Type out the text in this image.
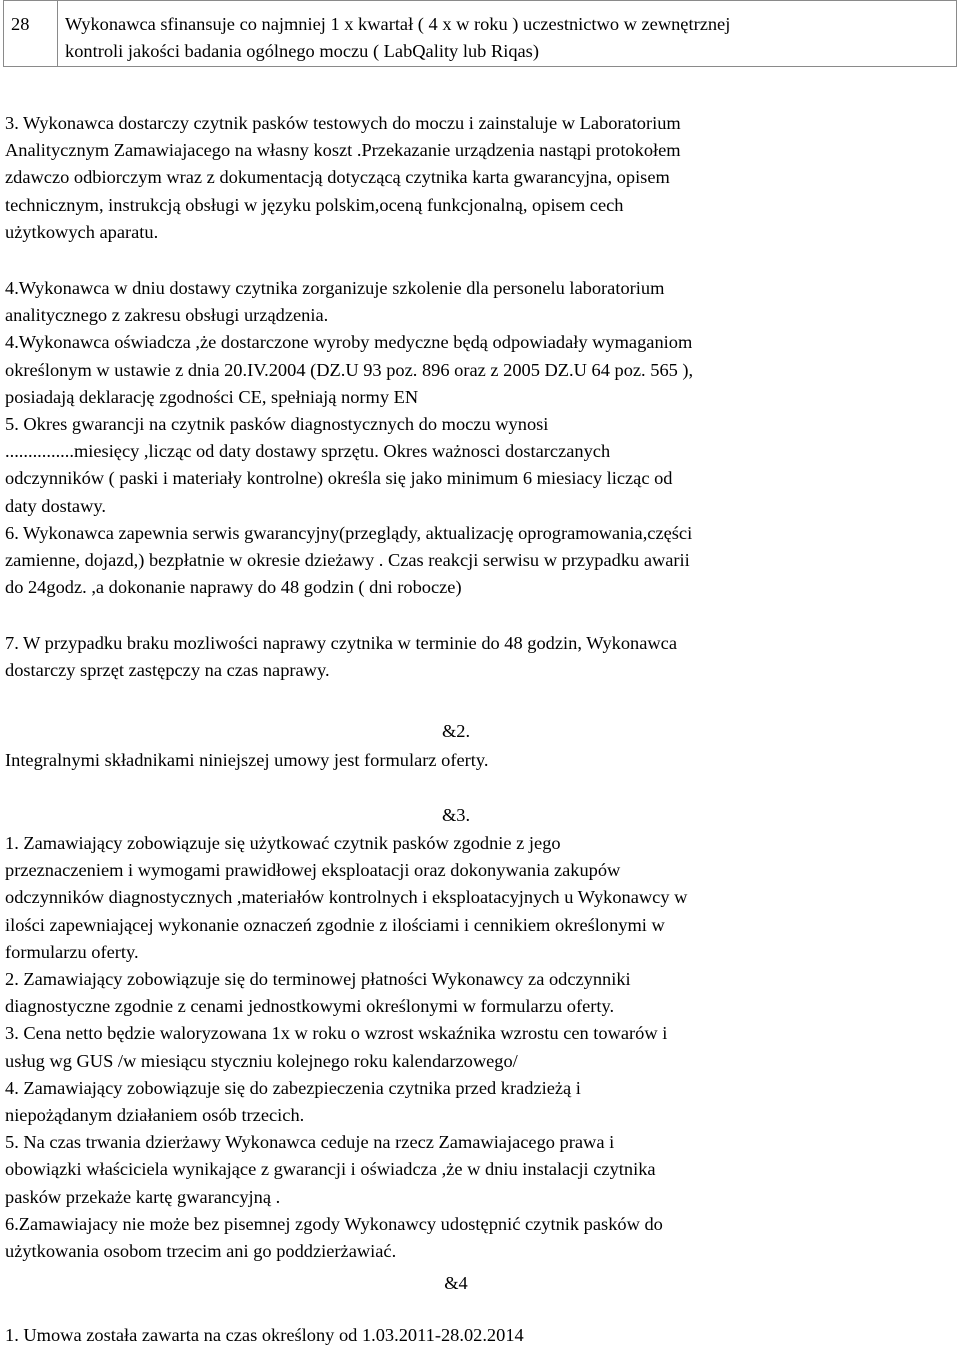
28	Wykonawca sfinansuje co najmniej 1 x kwartał ( 4 x w roku ) uczestnictwo w zewnętrznej
kontroli jakości badania ogólnego moczu ( LabQality lub Riqas)

3. Wykonawca dostarczy czytnik pasków testowych do moczu i zainstaluje w Laboratorium

Analitycznym Zamawiajacego na własny koszt .Przekazanie urządzenia nastąpi protokołem

zdawczo odbiorczym wraz z dokumentacją dotyczącą czytnika karta gwarancyjna, opisem

technicznym, instrukcją obsługi w języku polskim,oceną funkcjonalną, opisem cech

użytkowych aparatu.

4.Wykonawca w dniu dostawy czytnika zorganizuje szkolenie dla personelu laboratorium

analitycznego z zakresu obsługi urządzenia.

4.Wykonawca oświadcza ,że dostarczone wyroby medyczne będą odpowiadały wymaganiom

określonym w ustawie z dnia 20.IV.2004 (DZ.U 93 poz. 896 oraz z 2005 DZ.U 64 poz. 565 ),

posiadają deklarację zgodności CE, spełniają normy EN

5. Okres gwarancji na czytnik pasków diagnostycznych do moczu wynosi

...............miesięcy ,licząc od daty dostawy sprzętu. Okres ważnosci dostarczanych

odczynników ( paski i materiały kontrolne) określa się jako minimum 6 miesiacy licząc od

daty dostawy.

6. Wykonawca zapewnia serwis gwarancyjny(przeglądy, aktualizację oprogramowania,części

zamienne, dojazd,) bezpłatnie w okresie dzieżawy . Czas reakcji serwisu w przypadku awarii

do 24godz. ,a dokonanie naprawy do 48 godzin ( dni robocze)

7. W przypadku braku mozliwości naprawy czytnika w terminie do 48 godzin, Wykonawca

dostarczy sprzęt zastępczy na czas naprawy.

&2.

Integralnymi składnikami niniejszej umowy jest formularz oferty.

&3.

1. Zamawiający zobowiązuje się użytkować czytnik pasków zgodnie z jego

przeznaczeniem i wymogami prawidłowej eksploatacji oraz dokonywania zakupów

odczynników diagnostycznych ,materiałów kontrolnych i eksploatacyjnych u Wykonawcy w

ilości zapewniającej wykonanie oznaczeń zgodnie z ilościami i cennikiem określonymi w

formularzu oferty.

2. Zamawiający zobowiązuje się do terminowej płatności Wykonawcy za odczynniki

diagnostyczne zgodnie z cenami jednostkowymi określonymi w formularzu oferty.

3. Cena netto będzie waloryzowana 1x w roku o wzrost wskaźnika wzrostu cen towarów i

usług wg GUS /w miesiącu styczniu kolejnego roku kalendarzowego/

4. Zamawiający zobowiązuje się do zabezpieczenia czytnika przed kradzieżą i

niepożądanym działaniem osób trzecich.

5. Na czas trwania dzierżawy Wykonawca ceduje na rzecz Zamawiajacego prawa i

obowiązki właściciela wynikające z gwarancji i oświadcza ,że w dniu instalacji czytnika

pasków przekaże kartę gwarancyjną .

6.Zamawiajacy nie może bez pisemnej zgody Wykonawcy udostępnić czytnik pasków do

użytkowania osobom trzecim ani go poddzierżawiać.

&4

1. Umowa została zawarta na czas określony od 1.03.2011-28.02.2014
